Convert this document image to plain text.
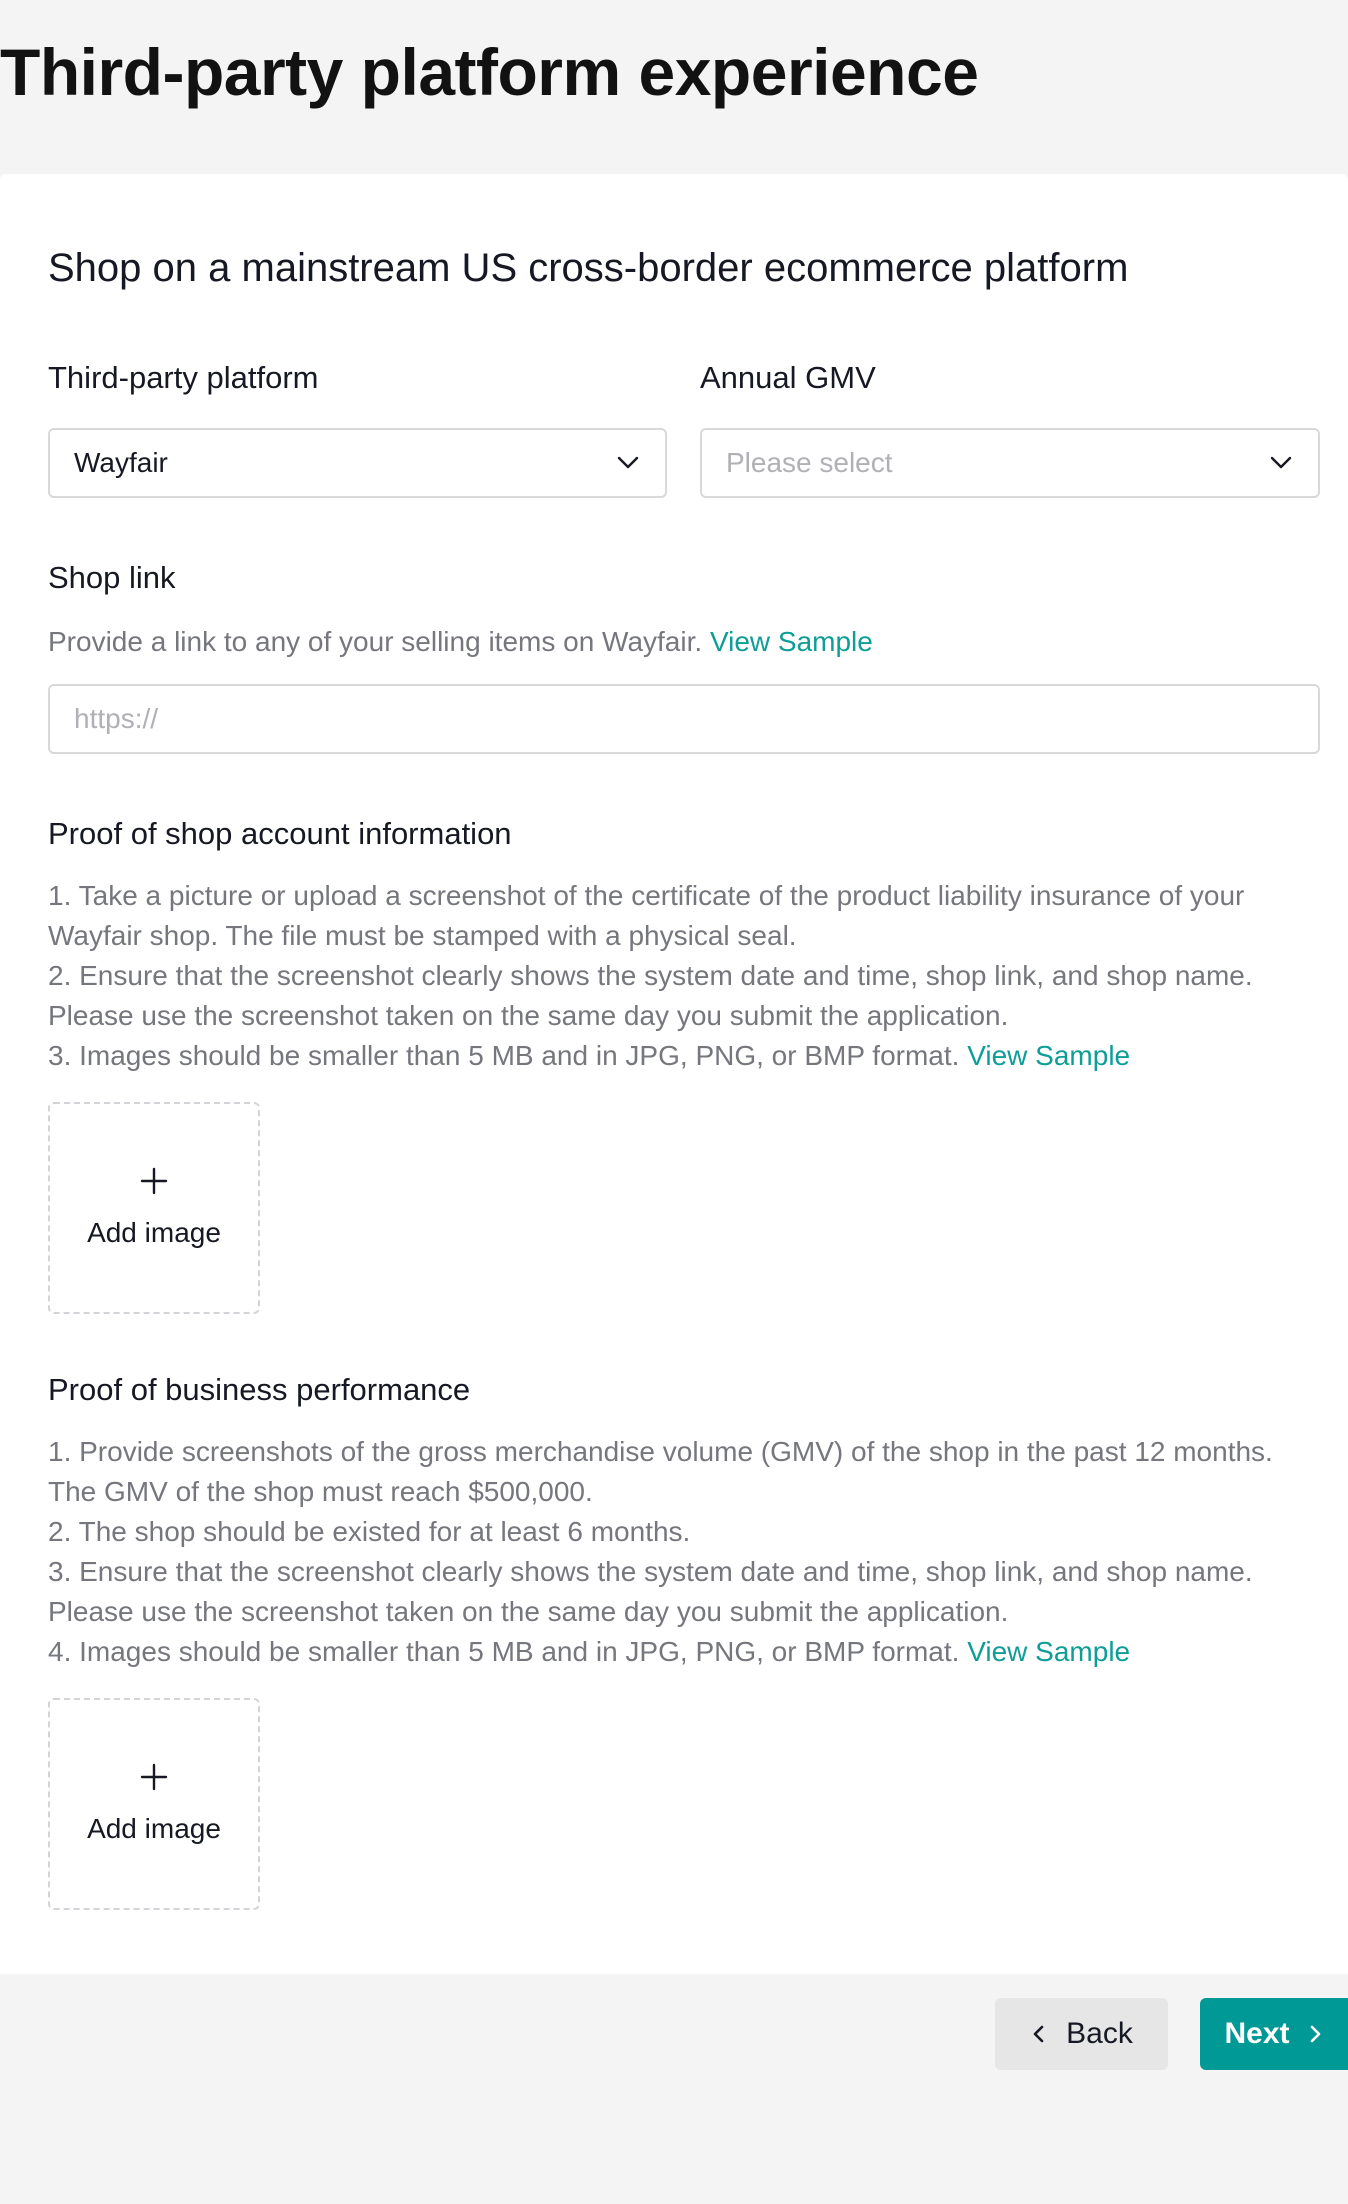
Third-party platform experience
Shop on a mainstream US cross-border ecommerce platform
Third-party platform
Wayfair
Annual GMV
Please select
Shop link

Provide a link to any of your selling items on Wayfair. View Sample

https://
Proof of shop account information

1. Take a picture or upload a screenshot of the certificate of the product liability insurance of your Wayfair shop. The file must be stamped with a physical seal.

2. Ensure that the screenshot clearly shows the system date and time, shop link, and shop name. Please use the screenshot taken on the same day you submit the application.

3. Images should be smaller than 5 MB and in JPG, PNG, or BMP format. View Sample

Add image
Proof of business performance

1. Provide screenshots of the gross merchandise volume (GMV) of the shop in the past 12 months. The GMV of the shop must reach $500,000.

2. The shop should be existed for at least 6 months.

3. Ensure that the screenshot clearly shows the system date and time, shop link, and shop name. Please use the screenshot taken on the same day you submit the application.

4. Images should be smaller than 5 MB and in JPG, PNG, or BMP format. View Sample

Add image
Back	Next
